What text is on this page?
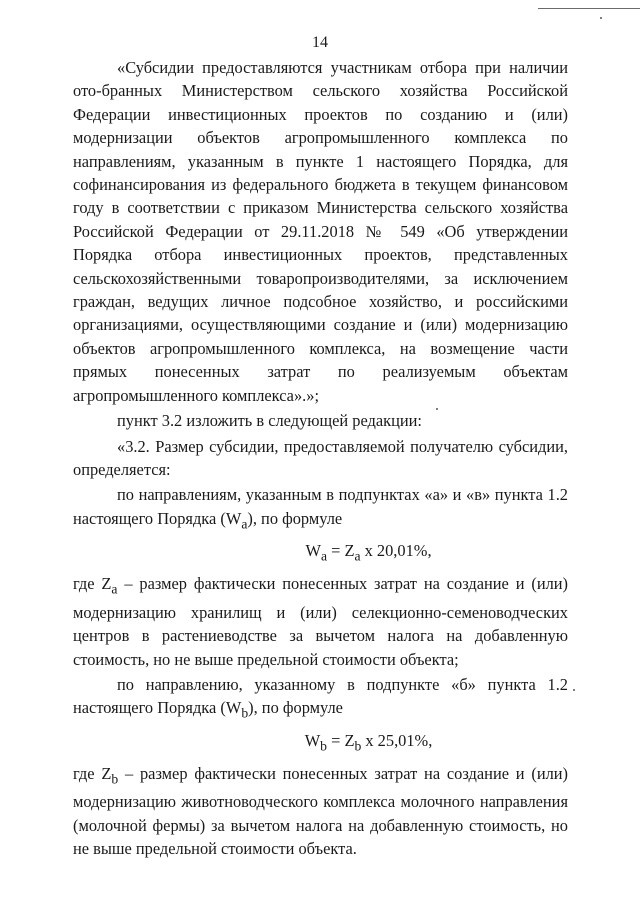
14

«Субсидии предоставляются участникам отбора при наличии ото-бранных Министерством сельского хозяйства Российской Федерации инвестиционных проектов по созданию и (или) модернизации объектов агропромышленного комплекса по направлениям, указанным в пункте 1 настоящего Порядка, для софинансирования из федерального бюджета в текущем финансовом году в соответствии с приказом Министерства сельского хозяйства Российской Федерации от 29.11.2018 № 549 «Об утверждении Порядка отбора инвестиционных проектов, представленных сельскохозяйственными товаропроизводителями, за исключением граждан, ведущих личное подсобное хозяйство, и российскими организациями, осуществляющими создание и (или) модернизацию объектов агропромышленного комплекса, на возмещение части прямых понесенных затрат по реализуемым объектам агропромышленного комплекса».»;

пункт 3.2 изложить в следующей редакции:

«3.2. Размер субсидии, предоставляемой получателю субсидии, определяется:

по направлениям, указанным в подпунктах «а» и «в» пункта 1.2 настоящего Порядка $(W_a)$, по формуле

$W_a = Z_a$ х 20,01%,

где $Z_a$ – размер фактически понесенных затрат на создание и (или) модернизацию хранилищ и (или) селекционно-семеноводческих центров в растениеводстве за вычетом налога на добавленную стоимость, но не выше предельной стоимости объекта;

по направлению, указанному в подпункте «б» пункта 1.2 настоящего Порядка $(W_b)$, по формуле

$W_b = Z_b$ х 25,01%,

где $Z_b$ – размер фактически понесенных затрат на создание и (или) модернизацию животноводческого комплекса молочного направления (молочной фермы) за вычетом налога на добавленную стоимость, но не выше предельной стоимости объекта.
